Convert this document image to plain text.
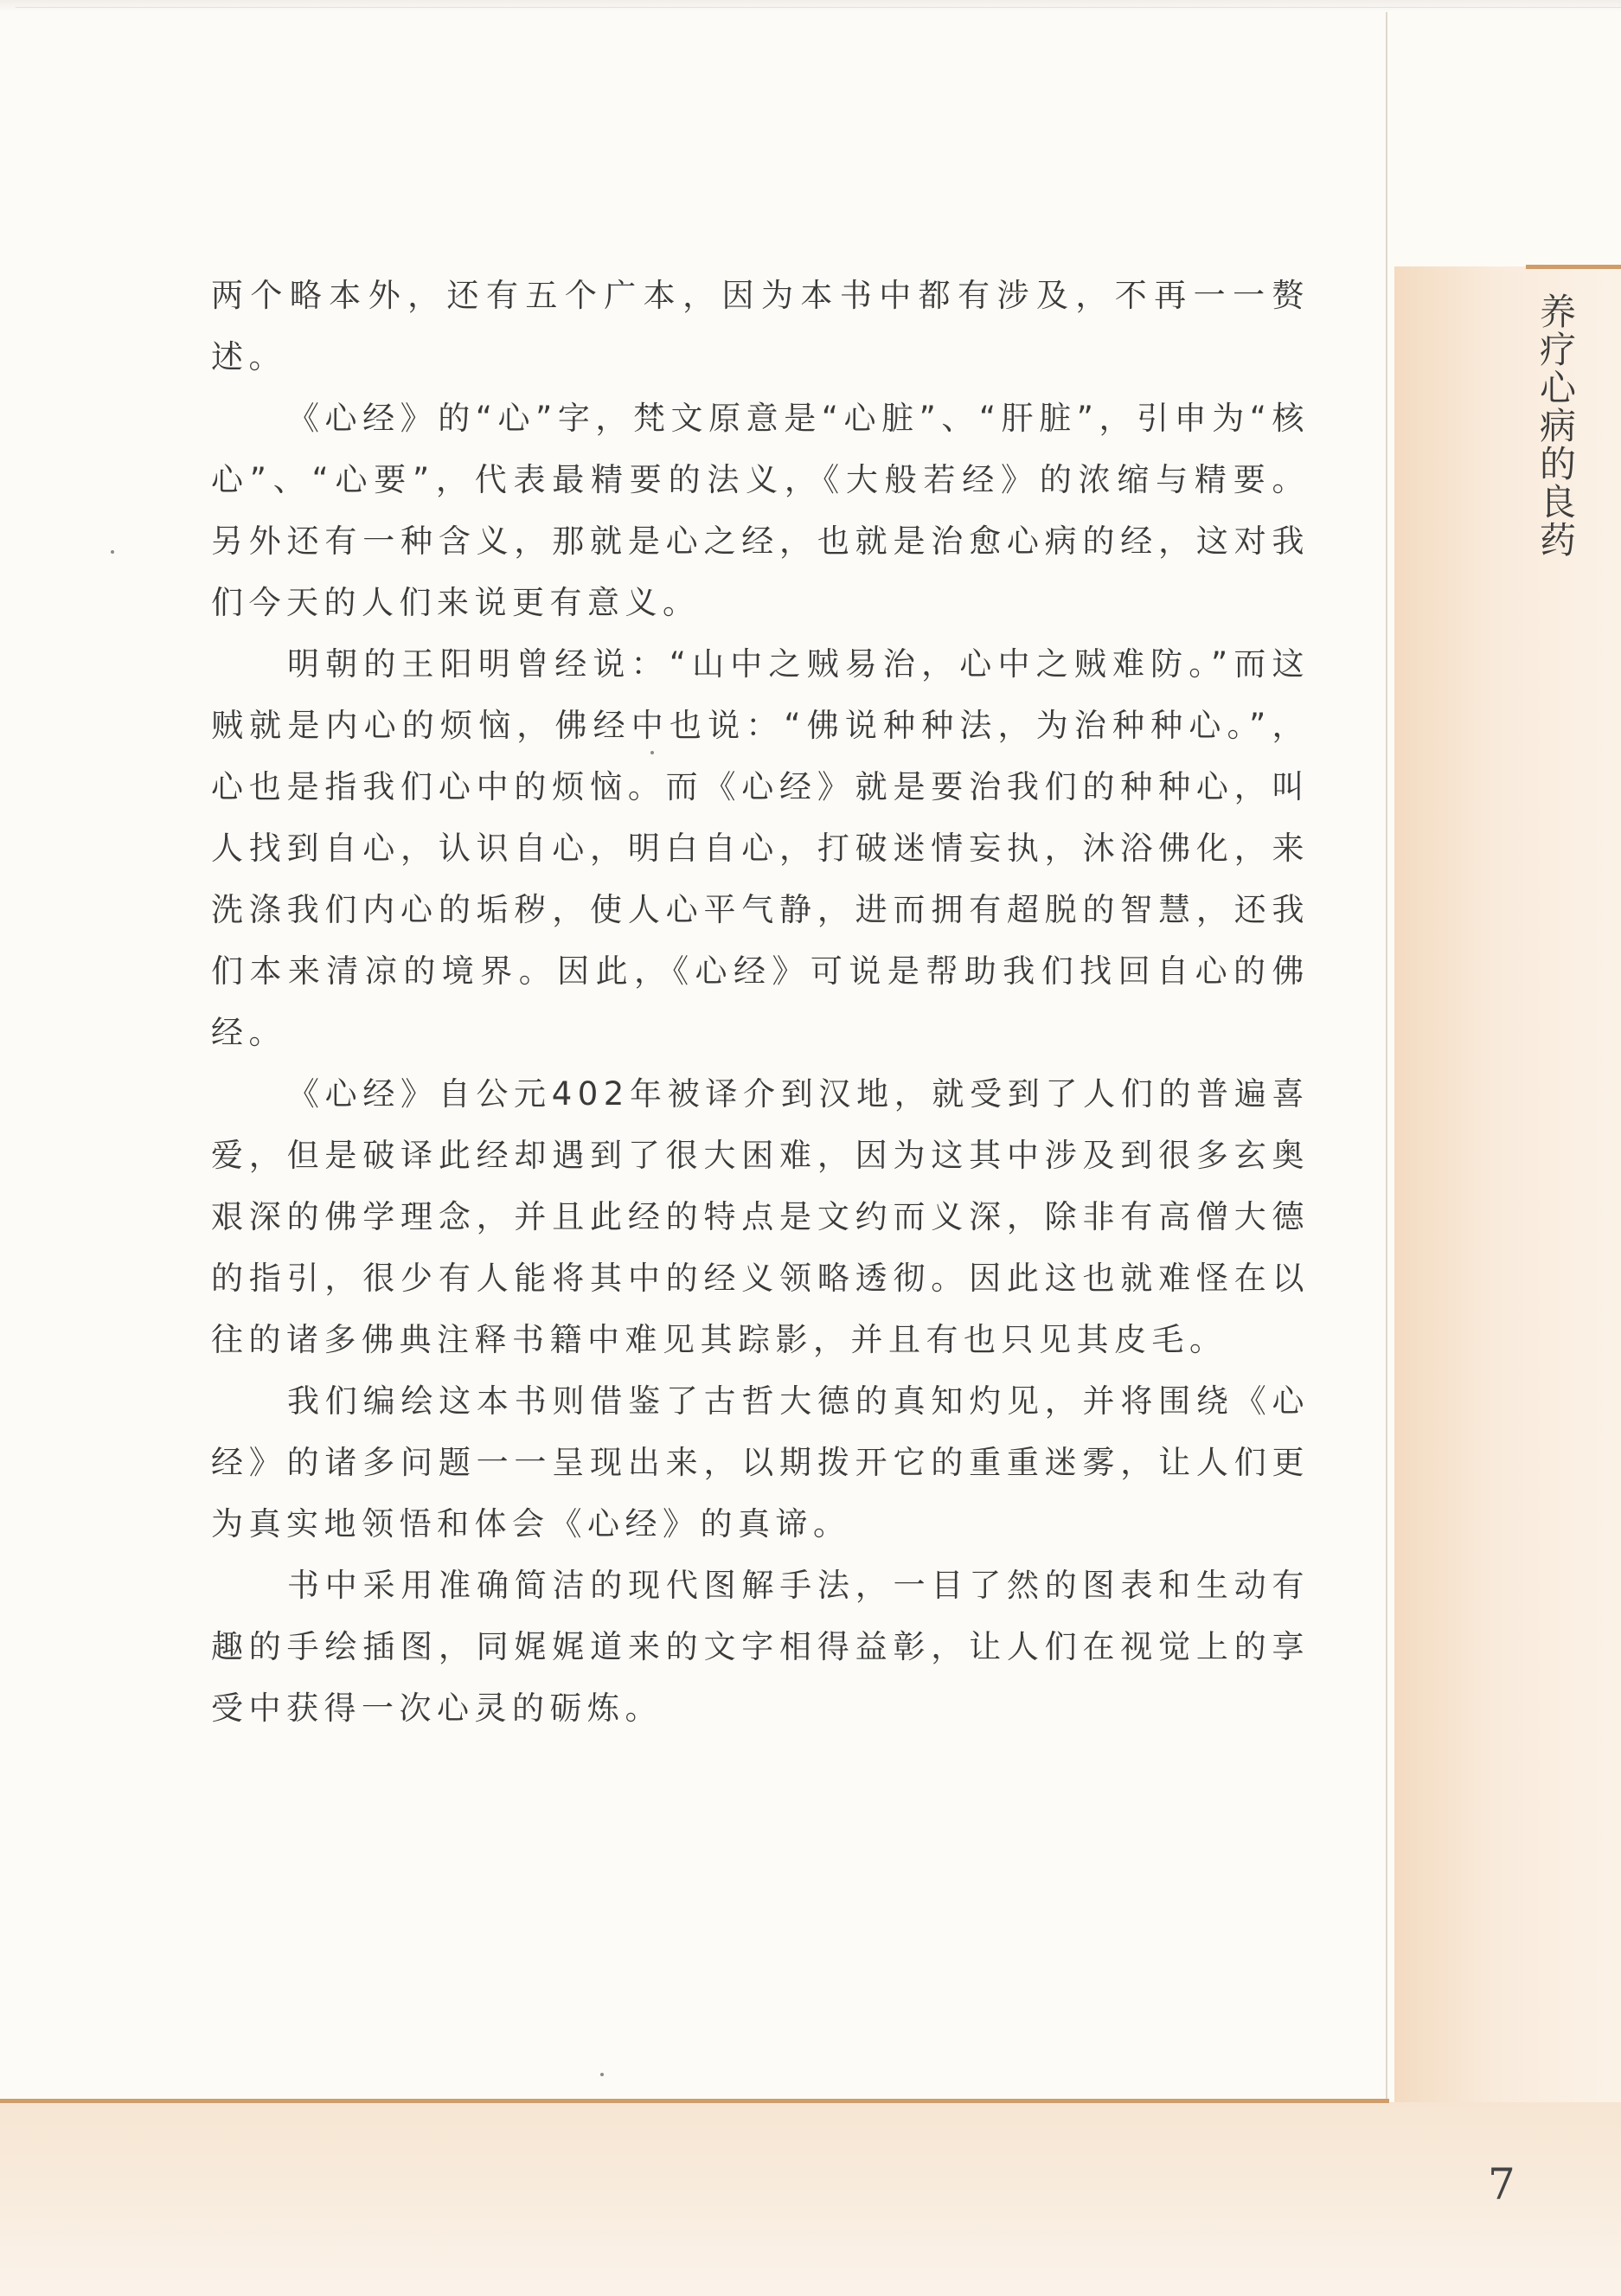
养疗心病的良药

两个略本外，还有五个广本，因为本书中都有涉及，不再一一赘述。

《心经》的“心”字，梵文原意是“心脏”、“肝脏”，引申为“核心”、“心要”，代表最精要的法义，《大般若经》的浓缩与精要。另外还有一种含义，那就是心之经，也就是治愈心病的经，这对我们今天的人们来说更有意义。

明朝的王阳明曾经说：“山中之贼易治，心中之贼难防。”而这贼就是内心的烦恼，佛经中也说：“佛说种种法，为治种种心。”，心也是指我们心中的烦恼。而《心经》就是要治我们的种种心，叫人找到自心，认识自心，明白自心，打破迷情妄执，沐浴佛化，来洗涤我们内心的垢秽，使人心平气静，进而拥有超脱的智慧，还我们本来清凉的境界。因此，《心经》可说是帮助我们找回自心的佛经。

《心经》自公元402年被译介到汉地，就受到了人们的普遍喜爱，但是破译此经却遇到了很大困难，因为这其中涉及到很多玄奥艰深的佛学理念，并且此经的特点是文约而义深，除非有高僧大德的指引，很少有人能将其中的经义领略透彻。因此这也就难怪在以往的诸多佛典注释书籍中难见其踪影，并且有也只见其皮毛。

我们编绘这本书则借鉴了古哲大德的真知灼见，并将围绕《心经》的诸多问题一一呈现出来，以期拨开它的重重迷雾，让人们更为真实地领悟和体会《心经》的真谛。

书中采用准确简洁的现代图解手法，一目了然的图表和生动有趣的手绘插图，同娓娓道来的文字相得益彰，让人们在视觉上的享受中获得一次心灵的砺炼。

7
